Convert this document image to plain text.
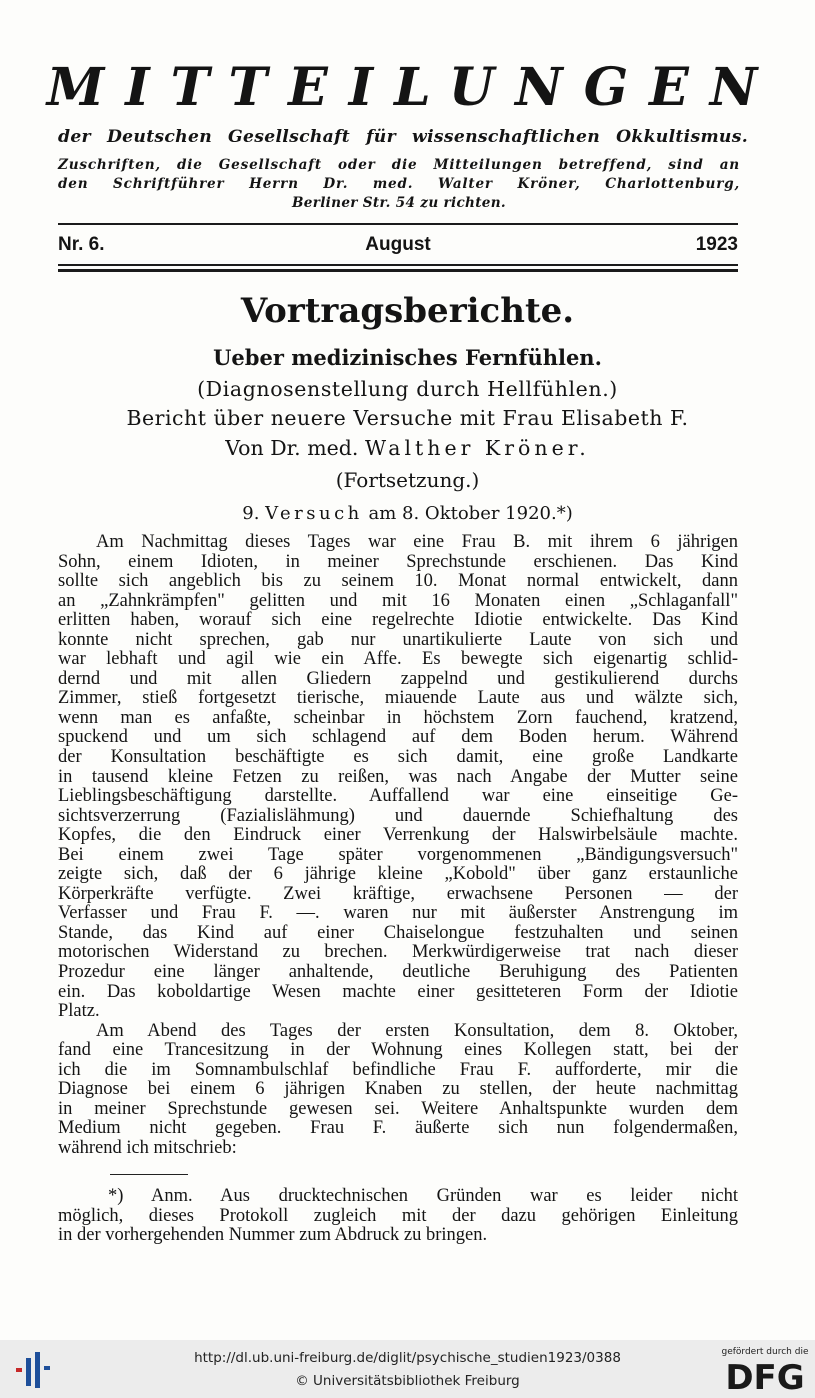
MITTEILUNGEN
der Deutschen Gesellschaft für wissenschaftlichen Okkultismus.
Zuschriften, die Gesellschaft oder die Mitteilungen betreffend, sind an
den Schriftführer Herrn Dr. med. Walter Kröner, Charlottenburg,
Berliner Str. 54 zu richten.
Nr. 6.	August	1923
Vortragsberichte.
Ueber medizinisches Fernfühlen.
(Diagnosenstellung durch Hellfühlen.)
Bericht über neuere Versuche mit Frau Elisabeth F.
Von Dr. med. Walther Kröner.
(Fortsetzung.)
9. Versuch am 8. Oktober 1920.*)
Am Nachmittag dieses Tages war eine Frau B. mit ihrem 6 jährigen
Sohn, einem Idioten, in meiner Sprechstunde erschienen. Das Kind
sollte sich angeblich bis zu seinem 10. Monat normal entwickelt, dann
an „Zahnkrämpfen" gelitten und mit 16 Monaten einen „Schlaganfall"
erlitten haben, worauf sich eine regelrechte Idiotie entwickelte. Das Kind
konnte nicht sprechen, gab nur unartikulierte Laute von sich und
war lebhaft und agil wie ein Affe. Es bewegte sich eigenartig schlid-
dernd und mit allen Gliedern zappelnd und gestikulierend durchs
Zimmer, stieß fortgesetzt tierische, miauende Laute aus und wälzte sich,
wenn man es anfaßte, scheinbar in höchstem Zorn fauchend, kratzend,
spuckend und um sich schlagend auf dem Boden herum. Während
der Konsultation beschäftigte es sich damit, eine große Landkarte
in tausend kleine Fetzen zu reißen, was nach Angabe der Mutter seine
Lieblingsbeschäftigung darstellte. Auffallend war eine einseitige Ge-
sichtsverzerrung (Fazialislähmung) und dauernde Schiefhaltung des
Kopfes, die den Eindruck einer Verrenkung der Halswirbelsäule machte.
Bei einem zwei Tage später vorgenommenen „Bändigungsversuch"
zeigte sich, daß der 6 jährige kleine „Kobold" über ganz erstaunliche
Körperkräfte verfügte. Zwei kräftige, erwachsene Personen — der
Verfasser und Frau F. —. waren nur mit äußerster Anstrengung im
Stande, das Kind auf einer Chaiselongue festzuhalten und seinen
motorischen Widerstand zu brechen. Merkwürdigerweise trat nach dieser
Prozedur eine länger anhaltende, deutliche Beruhigung des Patienten
ein. Das koboldartige Wesen machte einer gesitteteren Form der Idiotie
Platz.
Am Abend des Tages der ersten Konsultation, dem 8. Oktober,
fand eine Trancesitzung in der Wohnung eines Kollegen statt, bei der
ich die im Somnambulschlaf befindliche Frau F. aufforderte, mir die
Diagnose bei einem 6 jährigen Knaben zu stellen, der heute nachmittag
in meiner Sprechstunde gewesen sei. Weitere Anhaltspunkte wurden dem
Medium nicht gegeben. Frau F. äußerte sich nun folgendermaßen,
während ich mitschrieb:
*) Anm. Aus drucktechnischen Gründen war es leider nicht
möglich, dieses Protokoll zugleich mit der dazu gehörigen Einleitung
in der vorhergehenden Nummer zum Abdruck zu bringen.
http://dl.ub.uni-freiburg.de/diglit/psychische_studien1923/0388
© Universitätsbibliothek Freiburg
gefördert durch die
DFG
